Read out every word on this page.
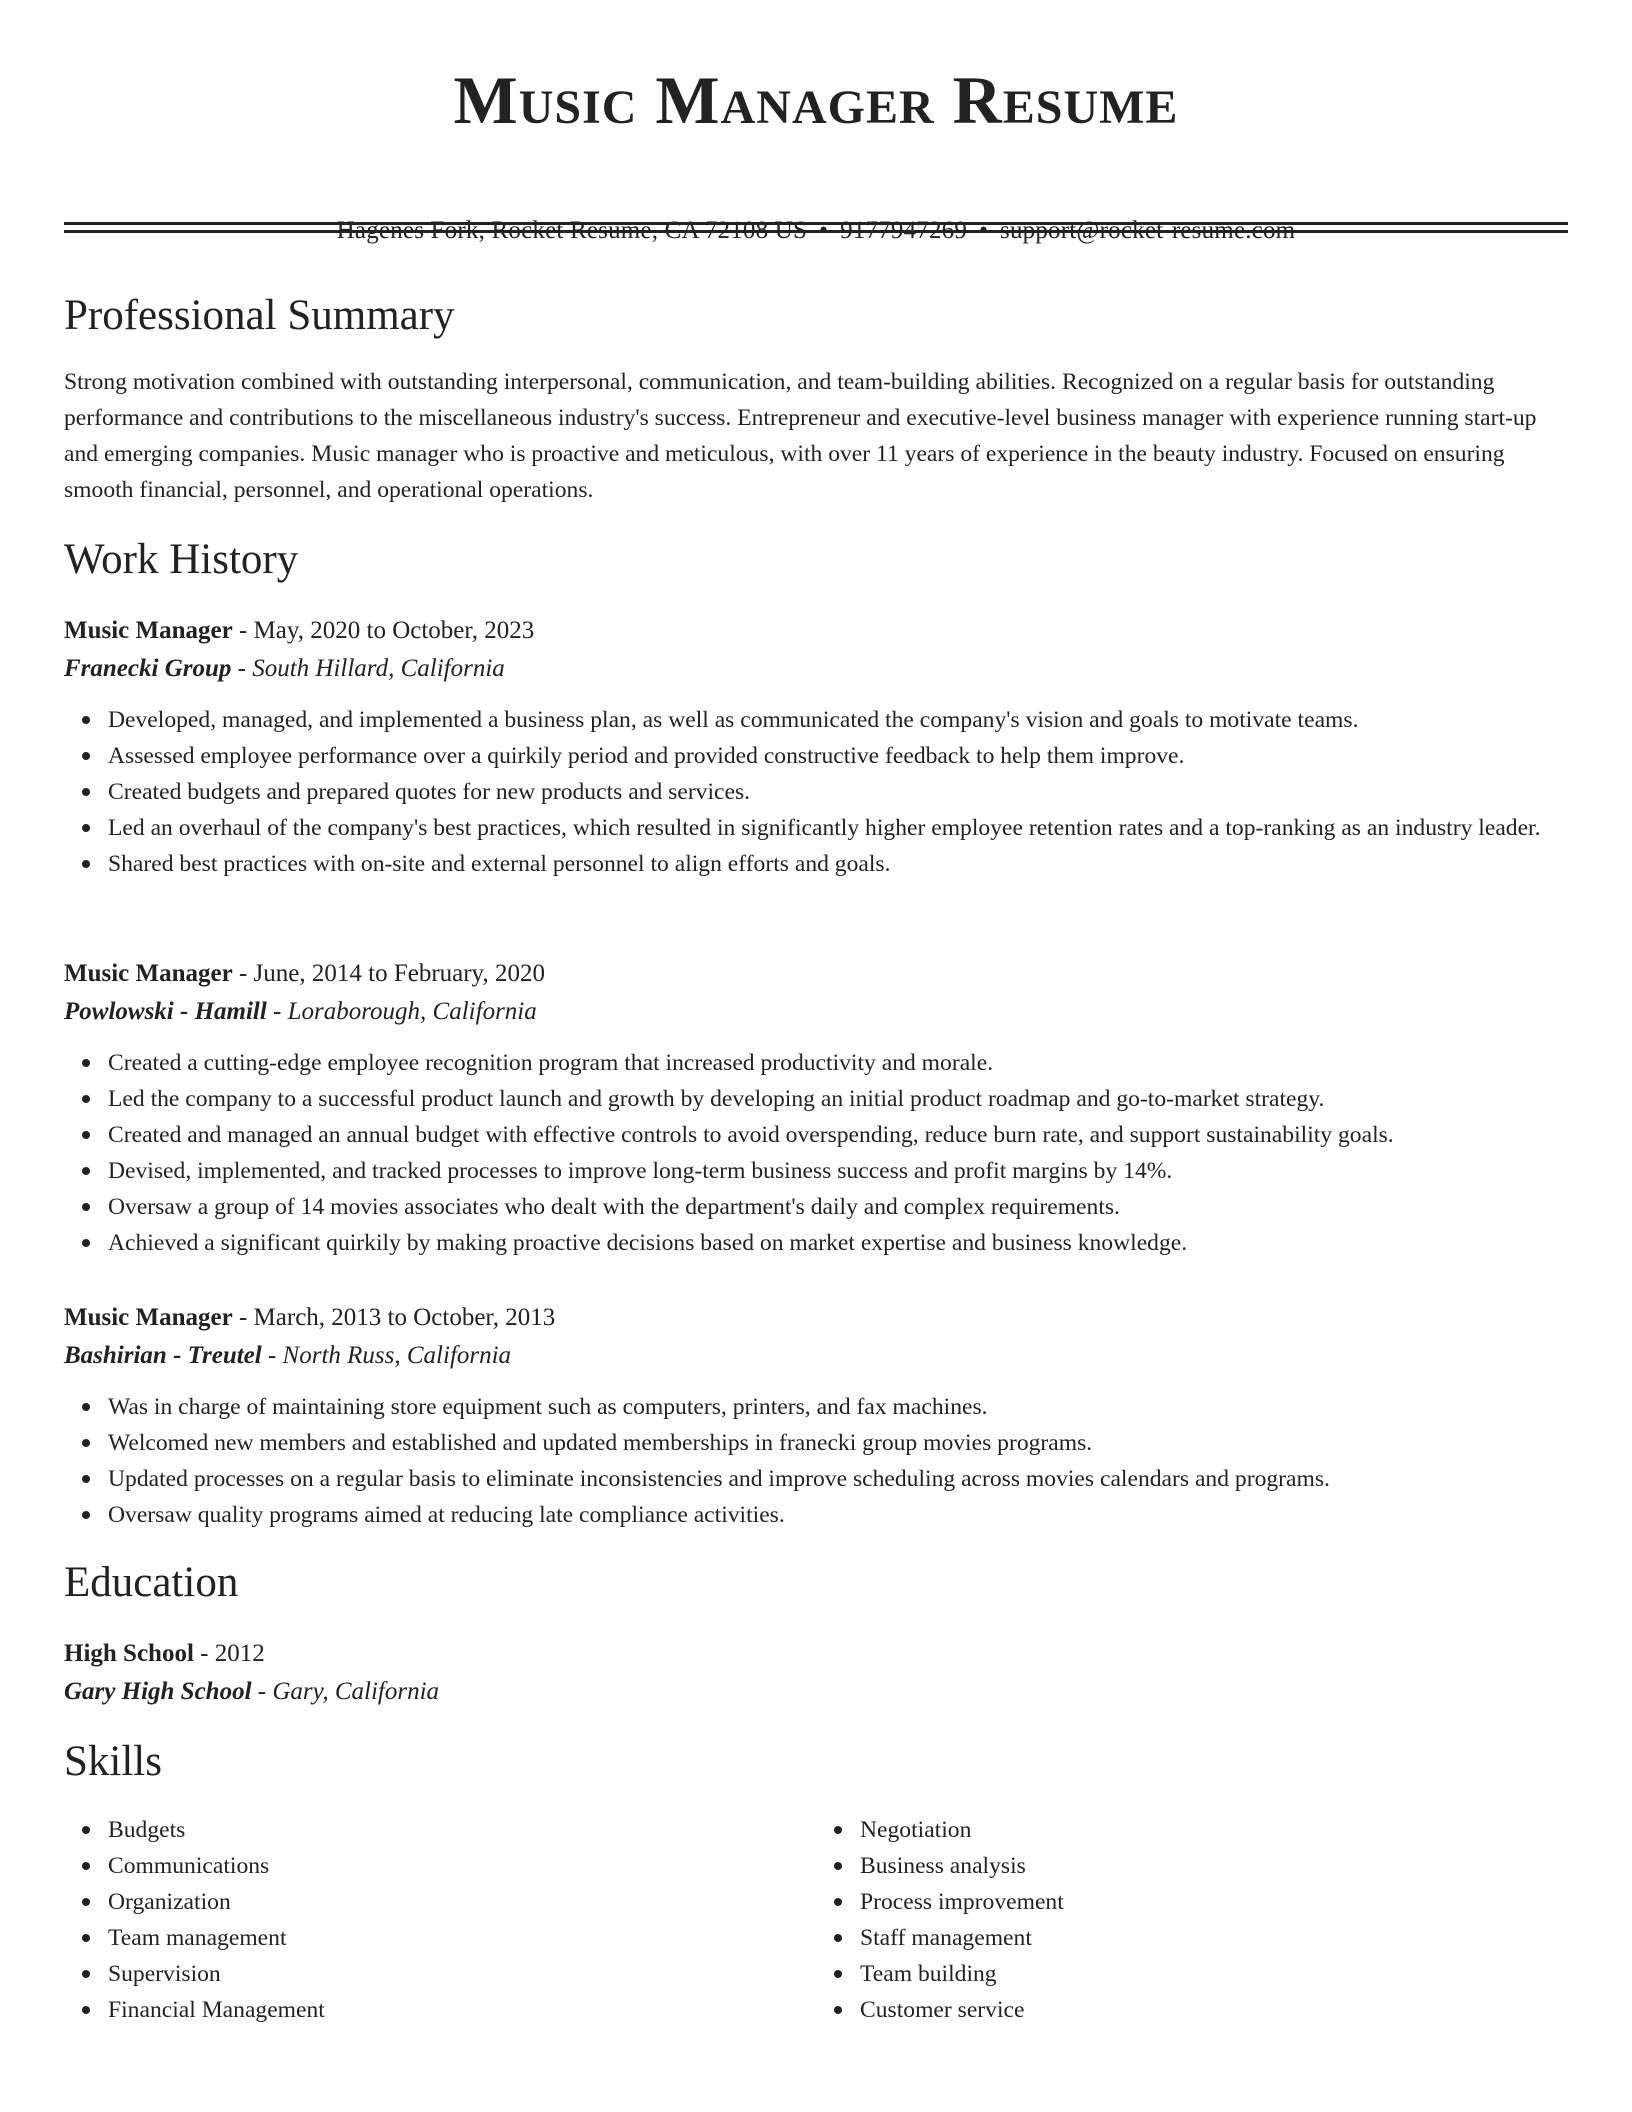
Music Manager Resume
Hagenes Fork, Rocket Resume, CA 72108 US • 9177947269 • support@rocket-resume.com
Professional Summary

Strong motivation combined with outstanding interpersonal, communication, and team-building abilities. Recognized on a regular basis for outstanding performance and contributions to the miscellaneous industry's success. Entrepreneur and executive-level business manager with experience running start-up and emerging companies. Music manager who is proactive and meticulous, with over 11 years of experience in the beauty industry. Focused on ensuring smooth financial, personnel, and operational operations.

Work History
Music Manager - May, 2020 to October, 2023
Franecki Group - South Hillard, California
Developed, managed, and implemented a business plan, as well as communicated the company's vision and goals to motivate teams.
Assessed employee performance over a quirkily period and provided constructive feedback to help them improve.
Created budgets and prepared quotes for new products and services.
Led an overhaul of the company's best practices, which resulted in significantly higher employee retention rates and a top-ranking as an industry leader.
Shared best practices with on-site and external personnel to align efforts and goals.
Music Manager - June, 2014 to February, 2020
Powlowski - Hamill - Loraborough, California
Created a cutting-edge employee recognition program that increased productivity and morale.
Led the company to a successful product launch and growth by developing an initial product roadmap and go-to-market strategy.
Created and managed an annual budget with effective controls to avoid overspending, reduce burn rate, and support sustainability goals.
Devised, implemented, and tracked processes to improve long-term business success and profit margins by 14%.
Oversaw a group of 14 movies associates who dealt with the department's daily and complex requirements.
Achieved a significant quirkily by making proactive decisions based on market expertise and business knowledge.
Music Manager - March, 2013 to October, 2013
Bashirian - Treutel - North Russ, California
Was in charge of maintaining store equipment such as computers, printers, and fax machines.
Welcomed new members and established and updated memberships in franecki group movies programs.
Updated processes on a regular basis to eliminate inconsistencies and improve scheduling across movies calendars and programs.
Oversaw quality programs aimed at reducing late compliance activities.
Education
High School - 2012
Gary High School - Gary, California
Skills
Budgets
Communications
Organization
Team management
Supervision
Financial Management
Negotiation
Business analysis
Process improvement
Staff management
Team building
Customer service
